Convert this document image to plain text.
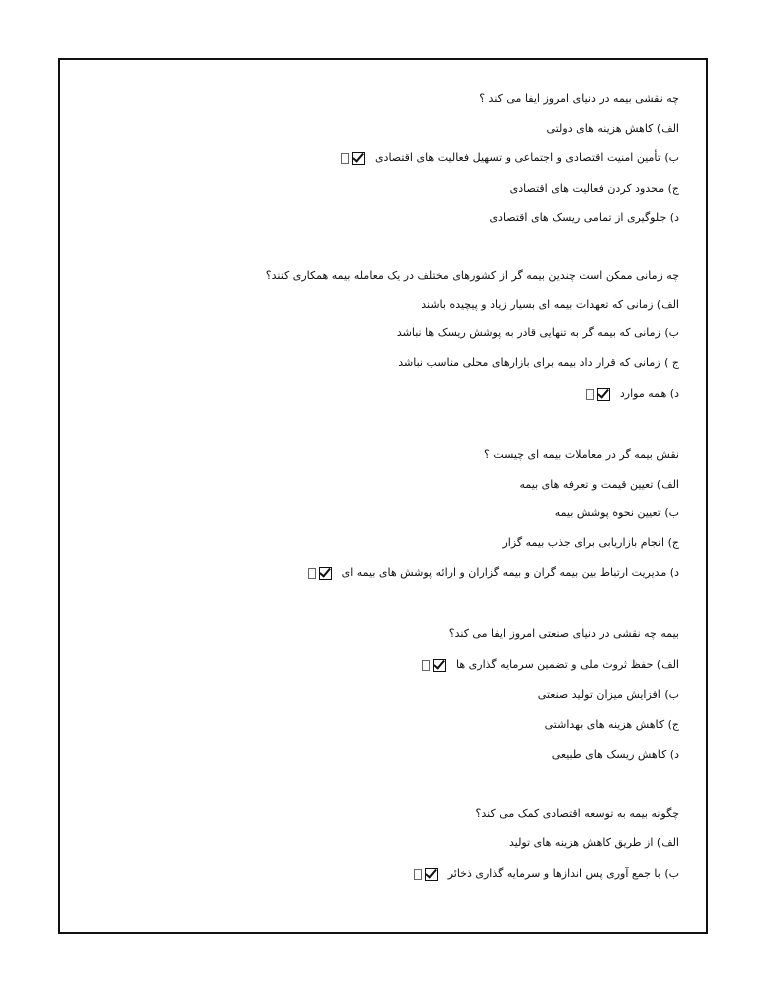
چه نقشی بیمه در دنیای امروز ایفا می کند ؟
الف) کاهش هزینه های دولتی
ب) تأمین امنیت اقتصادی و اجتماعی و تسهیل فعالیت های اقتصادی
ج) محدود کردن فعالیت های اقتصادی
د) جلوگیری از تمامی ریسک های اقتصادی
چه زمانی ممکن است چندین بیمه گر از کشورهای مختلف در یک معامله بیمه همکاری کنند؟
الف) زمانی که تعهدات بیمه ای بسیار زیاد و پیچیده باشند
ب) زمانی که بیمه گر به تنهایی قادر به پوشش ریسک ها نباشد
ج ) زمانی که قرار داد بیمه برای بازارهای محلی مناسب نباشد
د) همه موارد
نقش بیمه گر در معاملات بیمه ای چیست ؟
الف) تعیین قیمت و تعرفه های بیمه
ب) تعیین نحوه پوشش بیمه
ج) انجام بازاریابی برای جذب بیمه گزار
د) مدیریت ارتباط بین بیمه گران و بیمه گزاران و ارائه پوشش های بیمه ای
بیمه چه نقشی در دنیای صنعتی امروز ایفا می کند؟
الف) حفظ ثروت ملی و تضمین سرمایه گذاری ها
ب) افزایش میزان تولید صنعتی
ج) کاهش هزینه های بهداشتی
د) کاهش ریسک های طبیعی
چگونه بیمه به توسعه اقتصادی کمک می کند؟
الف) از طریق کاهش هزینه های تولید
ب) با جمع آوری پس اندازها و سرمایه گذاری ذخائر
